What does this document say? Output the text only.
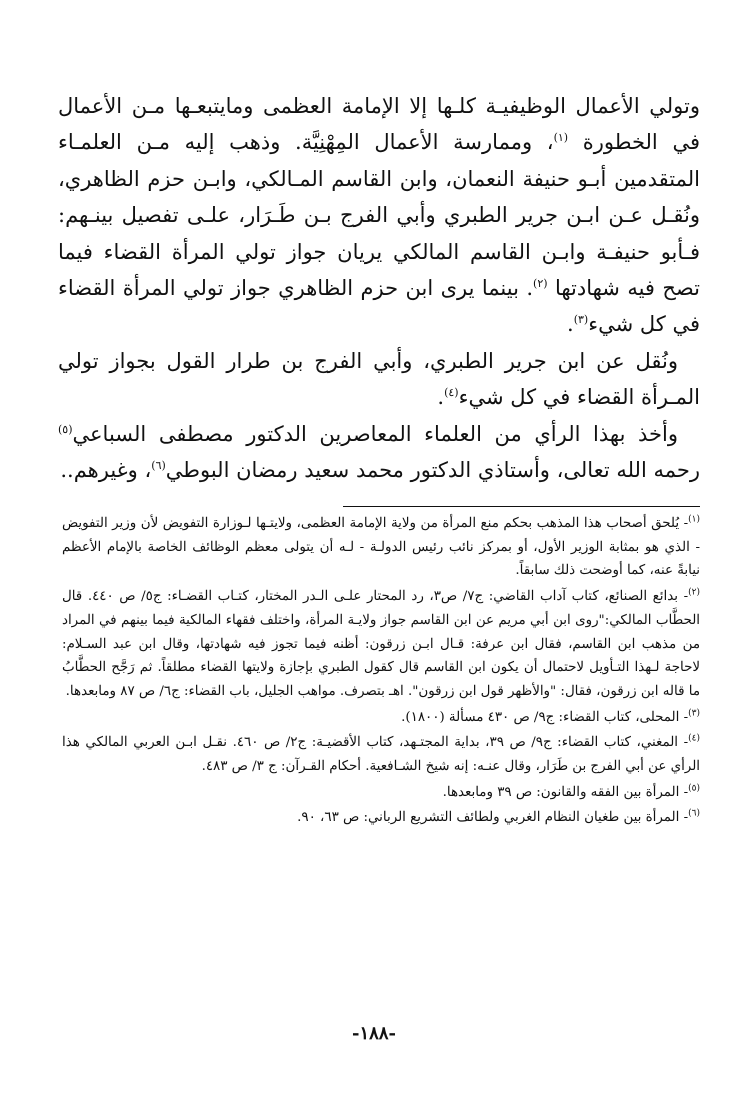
وتولي الأعمال الوظيفيـة كلـها إلا الإمامة العظمى ومايتبعـها مـن الأعمال في الخطورة $^{(١)}$، وممارسة الأعمال المِهْنِيَّة. وذهب إليه مـن العلمـاء المتقدمين أبـو حنيفة النعمان، وابن القاسم المـالكي، وابـن حزم الظاهري، ونُقـل عـن ابـن جرير الطبري وأبي الفرج بـن طَـرَار، علـى تفصيل بينـهم: فـأبو حنيفـة وابـن القاسم المالكي يريان جواز تولي المرأة القضاء فيما تصح فيه شهادتها $^{(٢)}$. بينما يرى ابن حزم الظاهري جواز تولي المرأة القضاء في كل شيء$^{(٣)}$.

ونُقل عن ابن جرير الطبري، وأبي الفرج بن طرار القول بجواز تولي المـرأة القضاء في كل شيء$^{(٤)}$.

وأخذ بهذا الرأي من العلماء المعاصرين الدكتور مصطفى السباعي$^{(٥)}$ رحمه الله تعالى، وأستاذي الدكتور محمد سعيد رمضان البوطي$^{(٦)}$، وغيرهم..

$^{(١)}$- يُلحق أصحاب هذا المذهب بحكم منع المرأة من ولاية الإمامة العظمى، ولايتـها لـوزارة التفويض لأن وزير التفويض - الذي هو بمثابة الوزير الأول، أو بمركز نائب رئيس الدولـة - لـه أن يتولى معظم الوظائف الخاصة بالإمام الأعظم نيابةً عنه، كما أوضحت ذلك سابقاً.

$^{(٢)}$- بدائع الصنائع، كتاب آداب القاضي: ج٧/ ص٣، رد المحتار علـى الـدر المختار، كتـاب القضـاء: ج٥/ ص ٤٤٠. قال الحطَّاب المالكي:"روى ابن أبي مريم عن ابن القاسم جواز ولايـة المرأة، واختلف فقهاء المالكية فيما بينهم في المراد من مذهب ابن القاسم، فقال ابن عرفة: قـال ابـن زرقون: أظنه فيما تجوز فيه شهادتها، وقال ابن عبد السـلام: لاحاجة لـهذا التـأويل لاحتمال أن يكون ابن القاسم قال كقول الطبري بإجازة ولايتها القضاء مطلقاً. ثم رَجَّح الحطَّابُ ما قاله ابن زرقون، فقال: "والأظهر قول ابن زرقون". اهـ بتصرف. مواهب الجليل، باب القضاء: ج٦/ ص ٨٧ ومابعدها.

$^{(٣)}$- المحلى، كتاب القضاء: ج٩/ ص ٤٣٠ مسألة (١٨٠٠).

$^{(٤)}$- المغني، كتاب القضاء: ج٩/ ص ٣٩، بداية المجتـهد، كتاب الأقضيـة: ج٢/ ص ٤٦٠. نقـل ابـن العربي المالكي هذا الرأي عن أبي الفرج بن طَرَار، وقال عنـه: إنه شيخ الشـافعية. أحكام القـرآن: ج ٣/ ص ٤٨٣.

$^{(٥)}$- المرأة بين الفقه والقانون: ص ٣٩ ومابعدها.

$^{(٦)}$- المرأة بين طغيان النظام الغربي ولطائف التشريع الرباني: ص ٦٣، ٩٠.

-١٨٨-
